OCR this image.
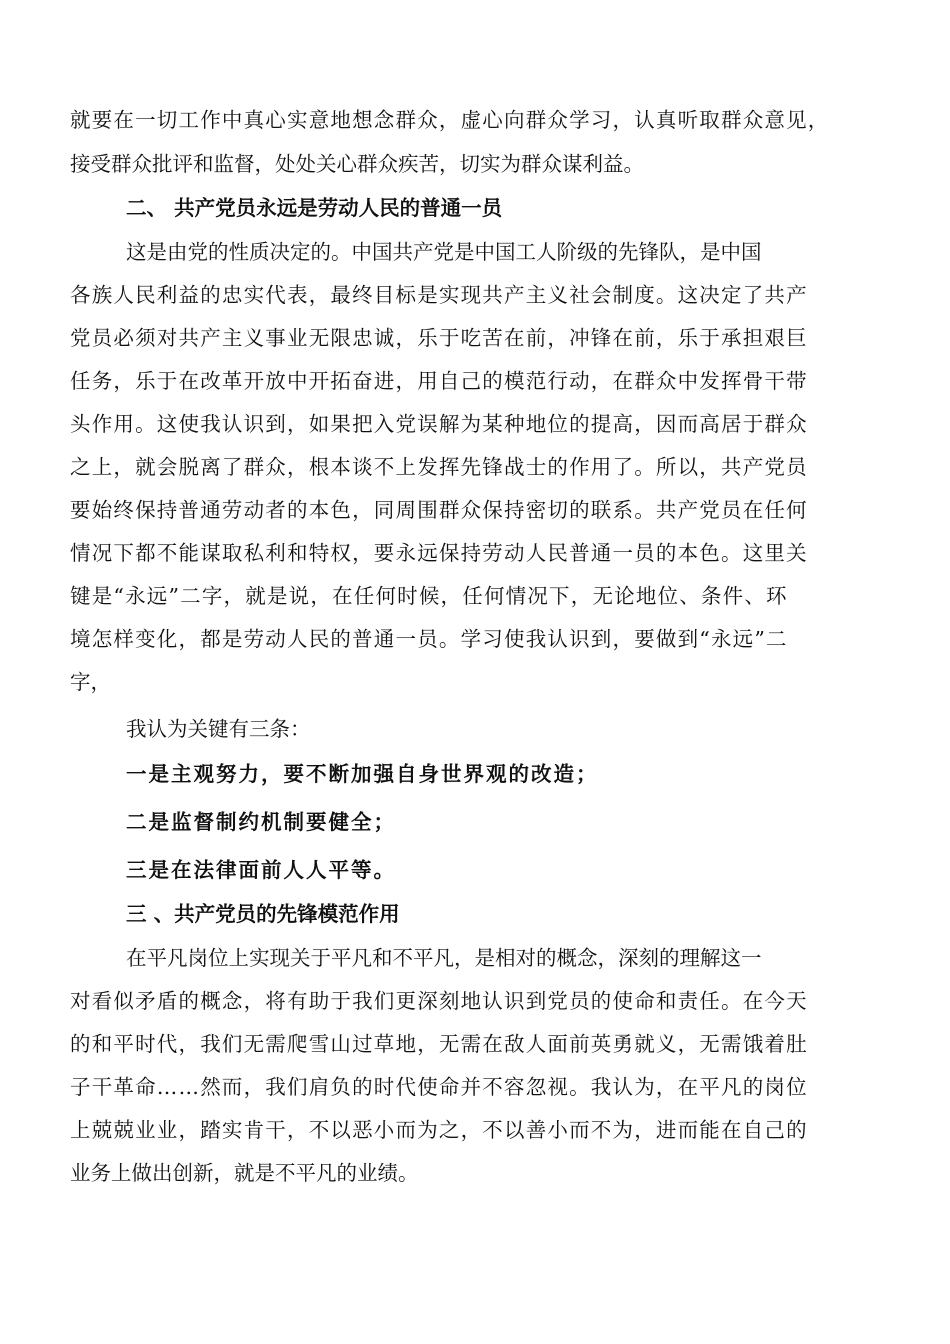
就要在一切工作中真心实意地想念群众，虚心向群众学习，认真听取群众意见，
接受群众批评和监督，处处关心群众疾苦，切实为群众谋利益。
二、 共产党员永远是劳动人民的普通一员
这是由党的性质决定的。中国共产党是中国工人阶级的先锋队，是中国
各族人民利益的忠实代表，最终目标是实现共产主义社会制度。这决定了共产
党员必须对共产主义事业无限忠诚，乐于吃苦在前，冲锋在前，乐于承担艰巨
任务，乐于在改革开放中开拓奋进，用自己的模范行动，在群众中发挥骨干带
头作用。这使我认识到，如果把入党误解为某种地位的提高，因而高居于群众
之上，就会脱离了群众，根本谈不上发挥先锋战士的作用了。所以，共产党员
要始终保持普通劳动者的本色，同周围群众保持密切的联系。共产党员在任何
情况下都不能谋取私利和特权，要永远保持劳动人民普通一员的本色。这里关
键是“永远”二字，就是说，在任何时候，任何情况下，无论地位、条件、环
境怎样变化，都是劳动人民的普通一员。学习使我认识到，要做到“永远”二
字，
我认为关键有三条：
一是主观努力，要不断加强自身世界观的改造；
二是监督制约机制要健全；
三是在法律面前人人平等。
三 、共产党员的先锋模范作用
在平凡岗位上实现关于平凡和不平凡，是相对的概念，深刻的理解这一
对看似矛盾的概念，将有助于我们更深刻地认识到党员的使命和责任。在今天
的和平时代，我们无需爬雪山过草地，无需在敌人面前英勇就义，无需饿着肚
子干革命……然而，我们肩负的时代使命并不容忽视。我认为，在平凡的岗位
上兢兢业业，踏实肯干，不以恶小而为之，不以善小而不为，进而能在自己的
业务上做出创新，就是不平凡的业绩。
